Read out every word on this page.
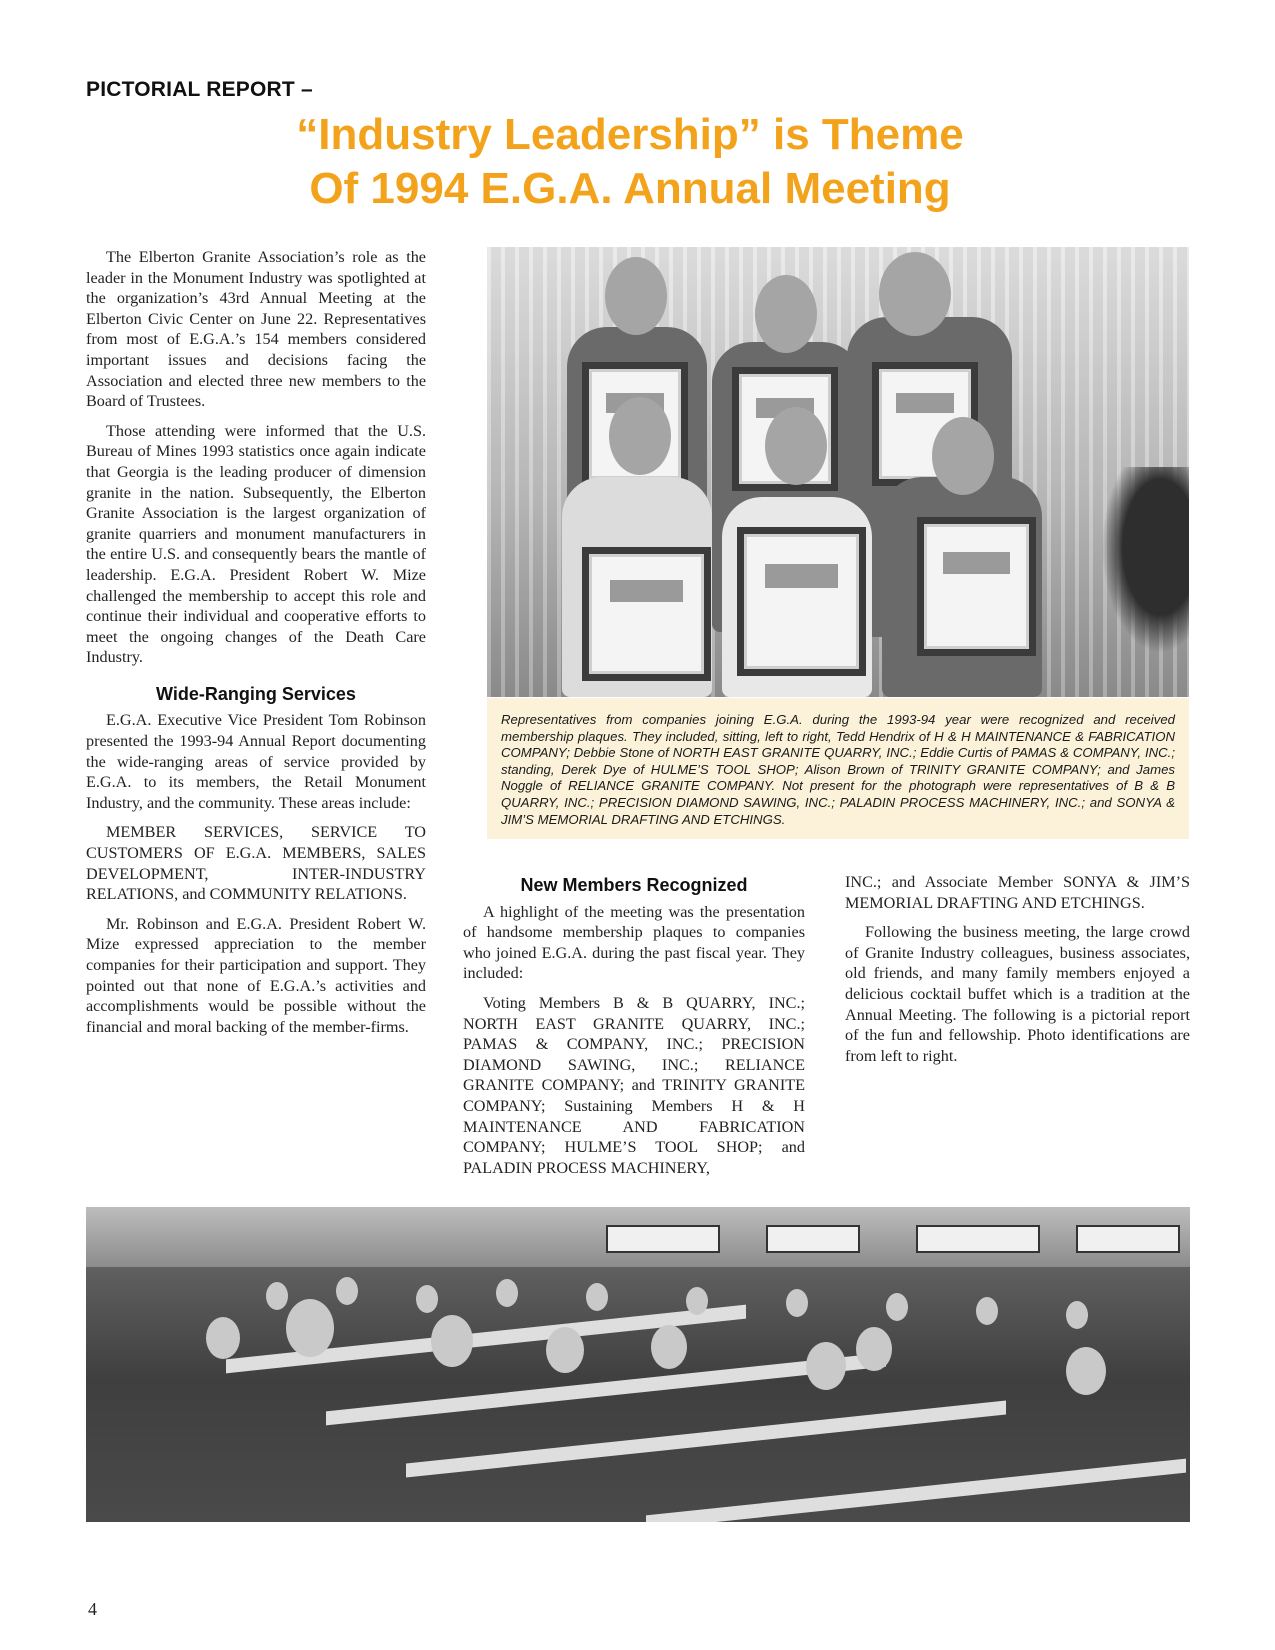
PICTORIAL REPORT –
“Industry Leadership” is Theme
Of 1994 E.G.A. Annual Meeting

The Elberton Granite Association’s role as the leader in the Monument Industry was spotlighted at the organization’s 43rd Annual Meeting at the Elberton Civic Center on June 22. Representatives from most of E.G.A.’s 154 members considered important issues and decisions facing the Association and elected three new members to the Board of Trustees.

Those attending were informed that the U.S. Bureau of Mines 1993 statistics once again indicate that Georgia is the leading producer of dimension granite in the nation. Subsequently, the Elberton Granite Association is the largest organization of granite quarriers and monument manufacturers in the entire U.S. and consequently bears the mantle of leadership. E.G.A. President Robert W. Mize challenged the membership to accept this role and continue their individual and cooperative efforts to meet the ongoing changes of the Death Care Industry.

Wide-Ranging Services

E.G.A. Executive Vice President Tom Robinson presented the 1993-94 Annual Report documenting the wide-ranging areas of service provided by E.G.A. to its members, the Retail Monument Industry, and the community. These areas include:

MEMBER SERVICES, SERVICE TO CUSTOMERS OF E.G.A. MEMBERS, SALES DEVELOPMENT, INTER-INDUSTRY RELATIONS, and COMMUNITY RELATIONS.

Mr. Robinson and E.G.A. President Robert W. Mize expressed appreciation to the member companies for their participation and support. They pointed out that none of E.G.A.’s activities and accomplishments would be possible without the financial and moral backing of the member-firms.

Representatives from companies joining E.G.A. during the 1993-94 year were recognized and received membership plaques. They included, sitting, left to right, Tedd Hendrix of H & H MAINTENANCE & FABRICATION COMPANY; Debbie Stone of NORTH EAST GRANITE QUARRY, INC.; Eddie Curtis of PAMAS & COMPANY, INC.; standing, Derek Dye of HULME’S TOOL SHOP; Alison Brown of TRINITY GRANITE COMPANY; and James Noggle of RELIANCE GRANITE COMPANY. Not present for the photograph were representatives of B & B QUARRY, INC.; PRECISION DIAMOND SAWING, INC.; PALADIN PROCESS MACHINERY, INC.; and SONYA & JIM’S MEMORIAL DRAFTING AND ETCHINGS.
New Members Recognized

A highlight of the meeting was the presentation of handsome membership plaques to companies who joined E.G.A. during the past fiscal year. They included:

Voting Members B & B QUARRY, INC.; NORTH EAST GRANITE QUARRY, INC.; PAMAS & COMPANY, INC.; PRECISION DIAMOND SAWING, INC.; RELIANCE GRANITE COMPANY; and TRINITY GRANITE COMPANY; Sustaining Members H & H MAINTENANCE AND FABRICATION COMPANY; HULME’S TOOL SHOP; and PALADIN PROCESS MACHINERY,

INC.; and Associate Member SONYA & JIM’S MEMORIAL DRAFTING AND ETCHINGS.

Following the business meeting, the large crowd of Granite Industry colleagues, business associates, old friends, and many family members enjoyed a delicious cocktail buffet which is a tradition at the Annual Meeting. The following is a pictorial report of the fun and fellowship. Photo identifications are from left to right.

4
